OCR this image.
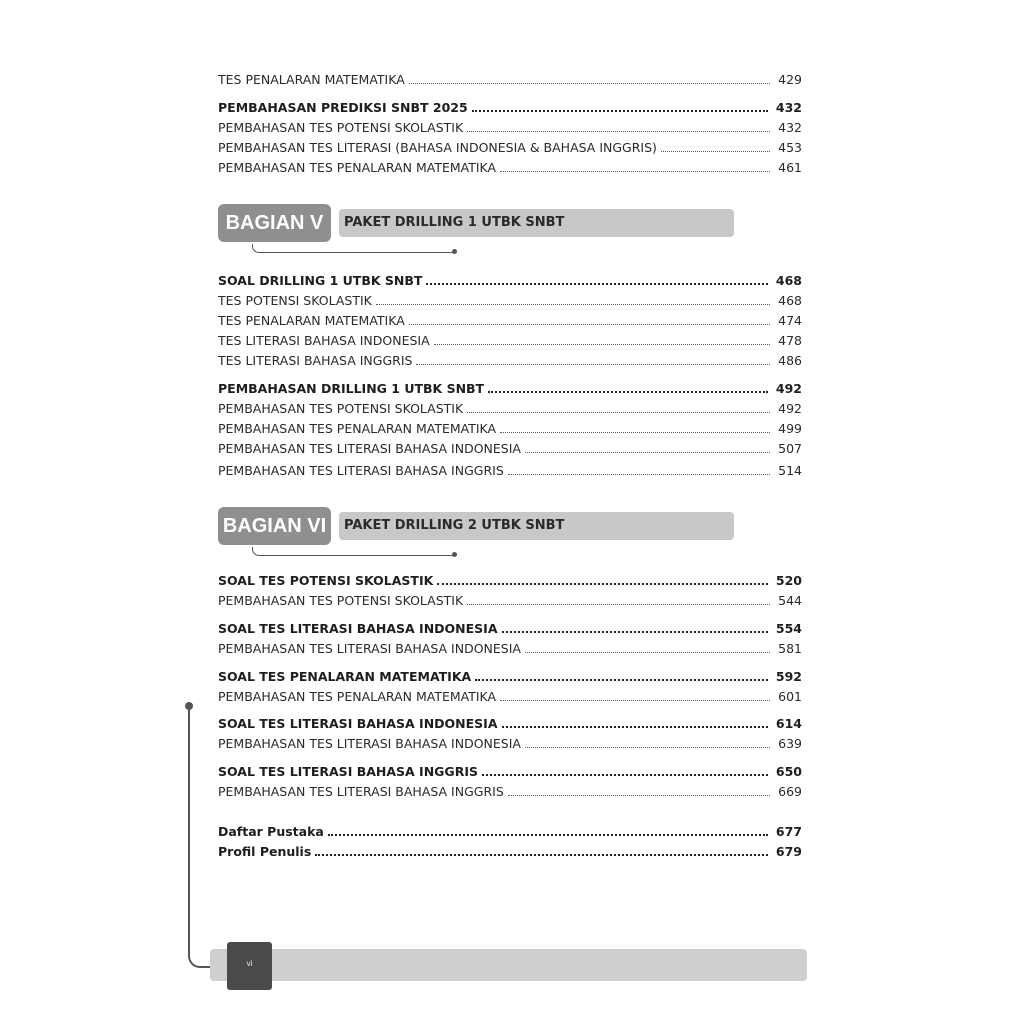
TES PENALARAN MATEMATIKA	429
PEMBAHASAN PREDIKSI SNBT 2025	432
PEMBAHASAN TES POTENSI SKOLASTIK	432
PEMBAHASAN TES LITERASI (BAHASA INDONESIA & BAHASA INGGRIS)	453
PEMBAHASAN TES PENALARAN MATEMATIKA	461
BAGIAN V	PAKET DRILLING 1 UTBK SNBT
SOAL DRILLING 1 UTBK SNBT	468
TES POTENSI SKOLASTIK	468
TES PENALARAN MATEMATIKA	474
TES LITERASI BAHASA INDONESIA	478
TES LITERASI BAHASA INGGRIS	486
PEMBAHASAN DRILLING 1 UTBK SNBT	492
PEMBAHASAN TES POTENSI SKOLASTIK	492
PEMBAHASAN TES PENALARAN MATEMATIKA	499
PEMBAHASAN TES LITERASI BAHASA INDONESIA	507
PEMBAHASAN TES LITERASI BAHASA INGGRIS	514
BAGIAN VI	PAKET DRILLING 2 UTBK SNBT
SOAL TES POTENSI SKOLASTIK	520
PEMBAHASAN TES POTENSI SKOLASTIK	544
SOAL TES LITERASI BAHASA INDONESIA	554
PEMBAHASAN TES LITERASI BAHASA INDONESIA	581
SOAL TES PENALARAN MATEMATIKA	592
PEMBAHASAN TES PENALARAN MATEMATIKA	601
SOAL TES LITERASI BAHASA INDONESIA	614
PEMBAHASAN TES LITERASI BAHASA INDONESIA	639
SOAL TES LITERASI BAHASA INGGRIS	650
PEMBAHASAN TES LITERASI BAHASA INGGRIS	669
Daftar Pustaka	677
Profil Penulis	679
vi
